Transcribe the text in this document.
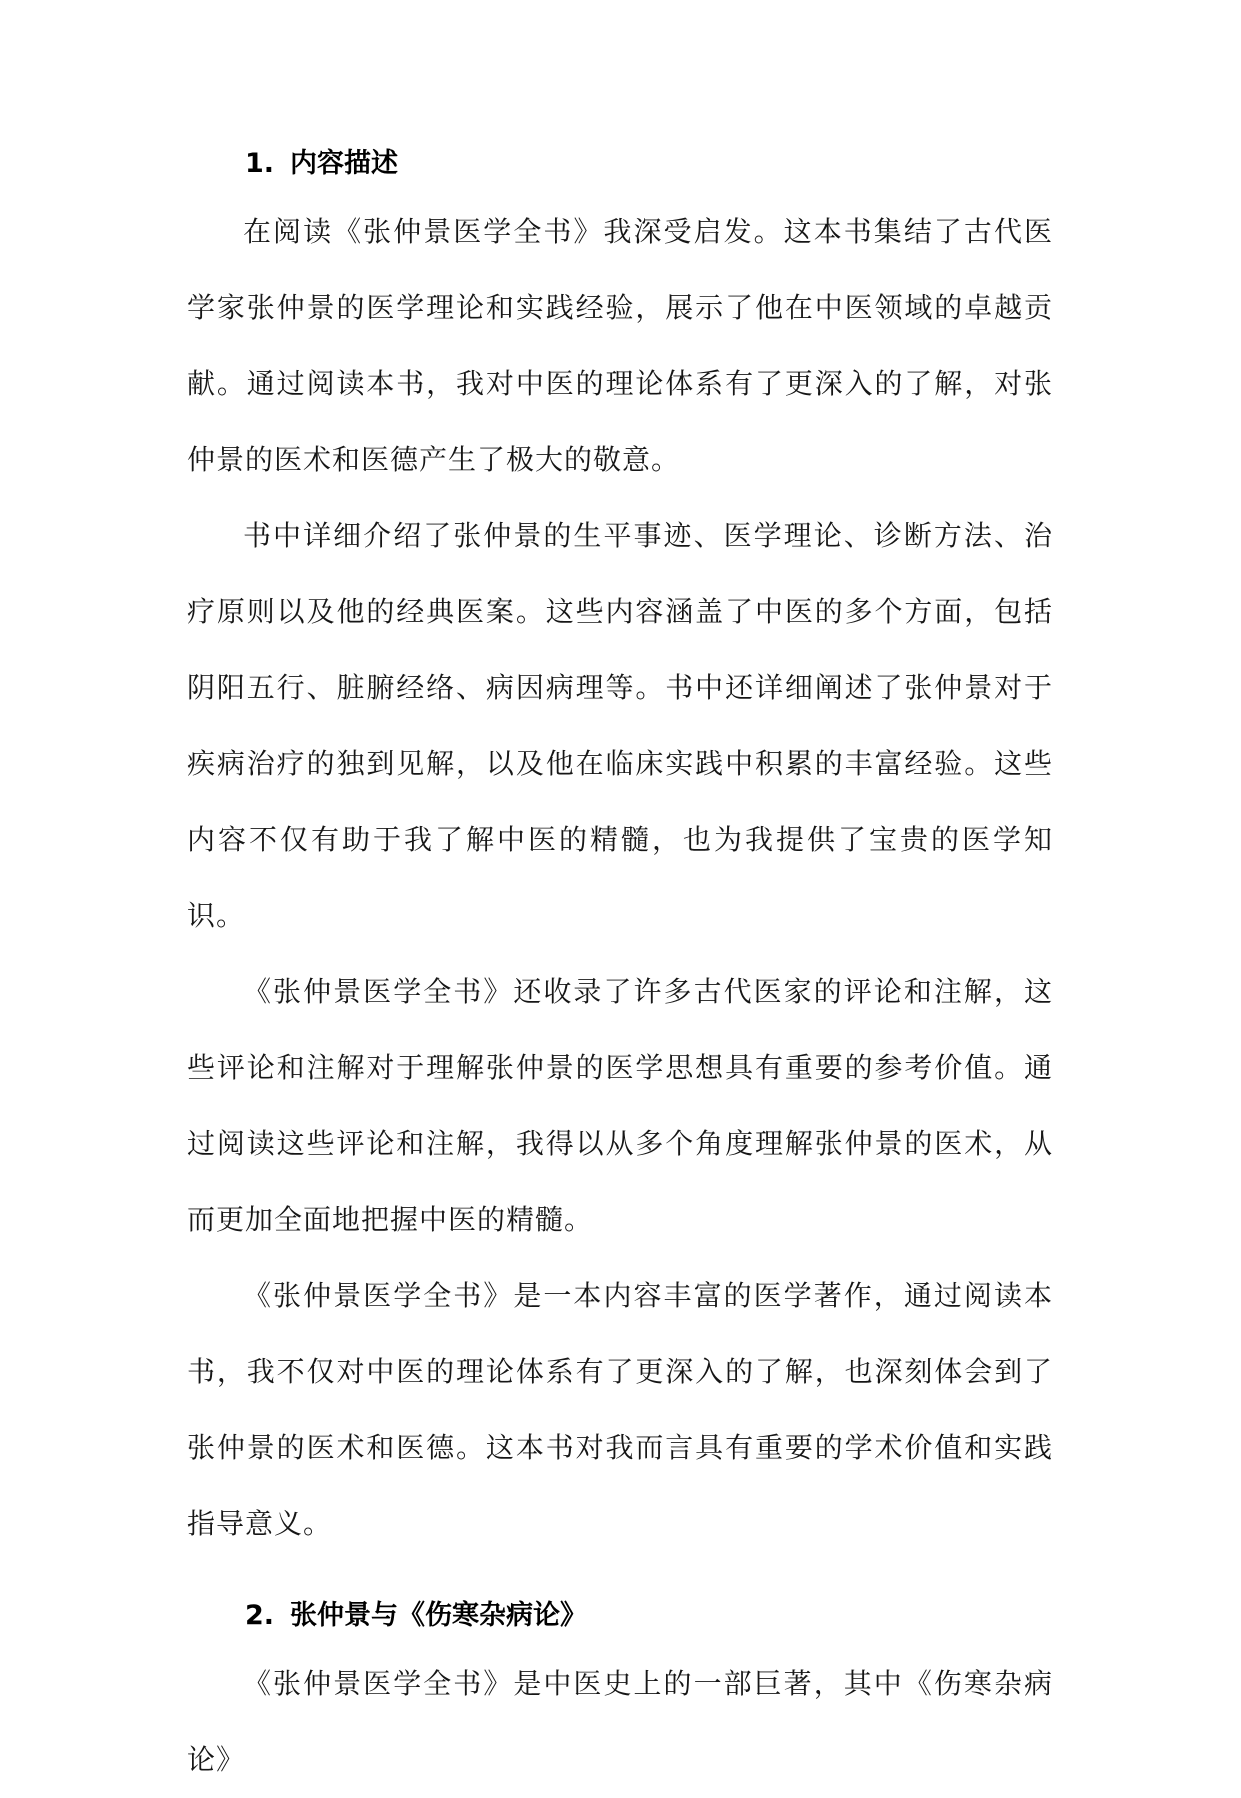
1. 内容描述

在阅读《张仲景医学全书》我深受启发。这本书集结了古代医学家张仲景的医学理论和实践经验，展示了他在中医领域的卓越贡献。通过阅读本书，我对中医的理论体系有了更深入的了解，对张仲景的医术和医德产生了极大的敬意。

书中详细介绍了张仲景的生平事迹、医学理论、诊断方法、治疗原则以及他的经典医案。这些内容涵盖了中医的多个方面，包括阴阳五行、脏腑经络、病因病理等。书中还详细阐述了张仲景对于疾病治疗的独到见解，以及他在临床实践中积累的丰富经验。这些内容不仅有助于我了解中医的精髓，也为我提供了宝贵的医学知识。

《张仲景医学全书》还收录了许多古代医家的评论和注解，这些评论和注解对于理解张仲景的医学思想具有重要的参考价值。通过阅读这些评论和注解，我得以从多个角度理解张仲景的医术，从而更加全面地把握中医的精髓。

《张仲景医学全书》是一本内容丰富的医学著作，通过阅读本书，我不仅对中医的理论体系有了更深入的了解，也深刻体会到了张仲景的医术和医德。这本书对我而言具有重要的学术价值和实践指导意义。

2. 张仲景与《伤寒杂病论》

《张仲景医学全书》是中医史上的一部巨著，其中《伤寒杂病论》
